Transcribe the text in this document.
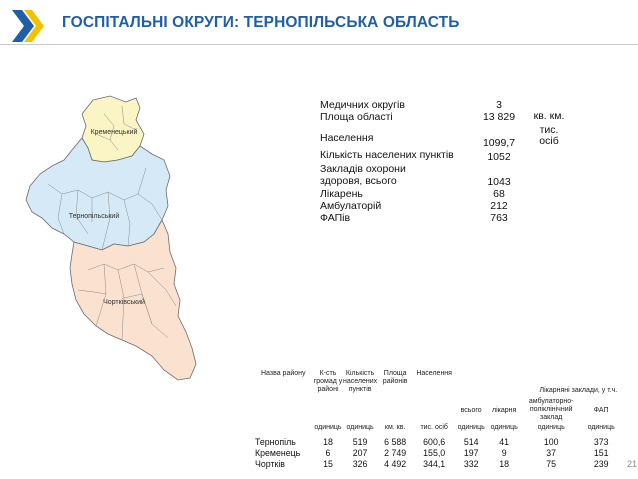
ГОСПІТАЛЬНІ ОКРУГИ: ТЕРНОПІЛЬСЬКА ОБЛАСТЬ
Кременецький
Тернопільський
Чортківський
Медичних округів	3
Площа області	13 829	кв. км.
Населення	1099,7
тис. осіб
Кількість населених пунктів	1052
Закладів охорони здоровя, всього	1043
Лікарень	68
Амбулаторій	212
ФАПів	763
Назва району	К-сть громад у районі	Кількість населених пунктів	Площа районів	Населення				
					Лікарняні заклади, у т.ч.			
					всього	лікарня	амбулаторно-поліклінічний заклад	ФАП
	одиниць	одиниць	км. кв.	тис. осіб	одиниць	одиниць	одиниць	одиниць
Тернопіль	18	519	6 588	600,6	514	41	100	373
Кременець	6	207	2 749	155,0	197	9	37	151
Чортків	15	326	4 492	344,1	332	18	75	239 21
